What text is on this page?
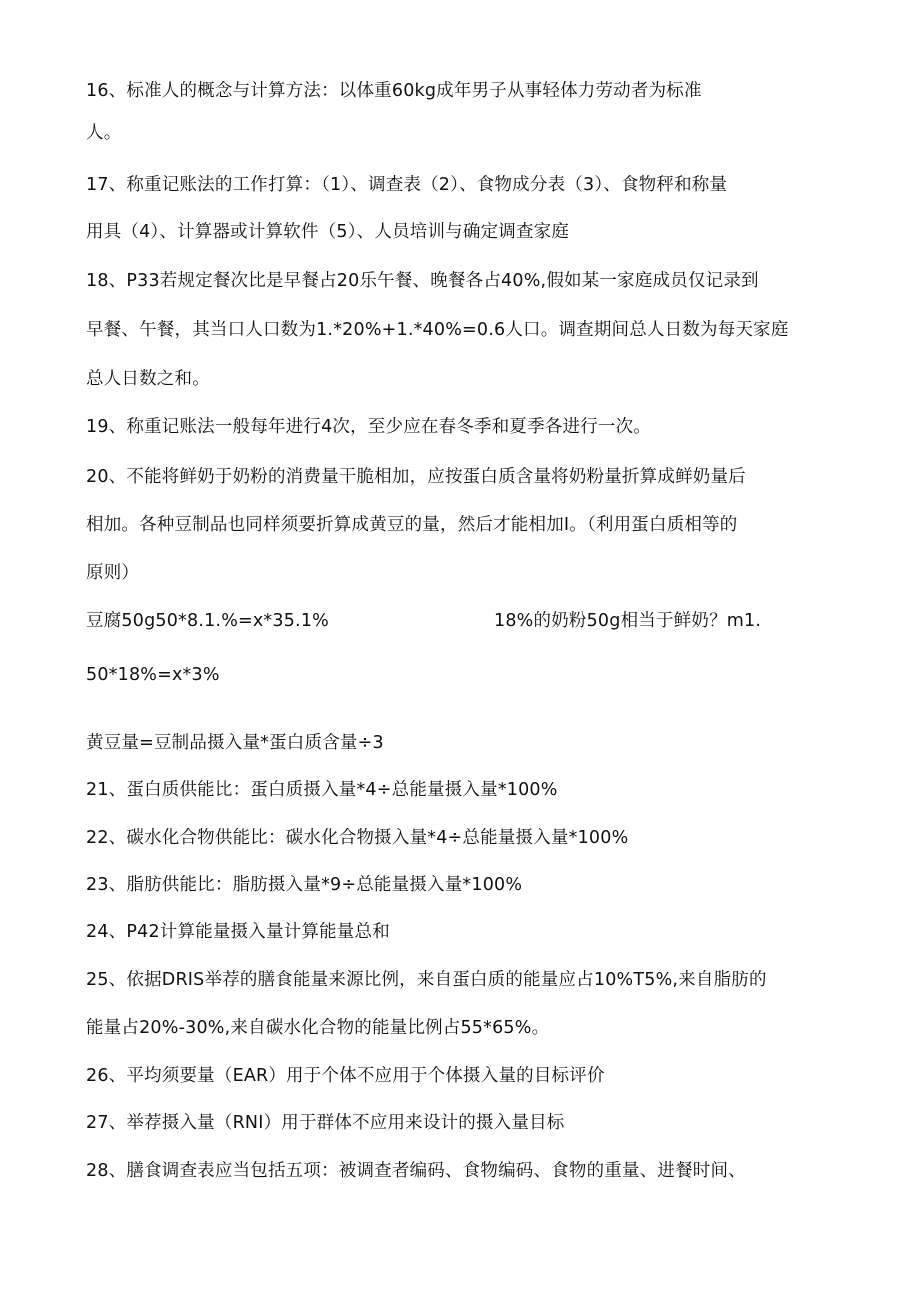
16、标准人的概念与计算方法：以体重60kg成年男子从事轻体力劳动者为标准
人。
17、称重记账法的工作打算：（1）、调查表（2）、食物成分表（3）、食物秤和称量
用具（4）、计算器或计算软件（5）、人员培训与确定调查家庭
18、P33若规定餐次比是早餐占20乐午餐、晚餐各占40%,假如某一家庭成员仅记录到
早餐、午餐，其当口人口数为1.*20%+1.*40%=0.6人口。调查期间总人日数为每天家庭
总人日数之和。
19、称重记账法一般每年进行4次，至少应在春冬季和夏季各进行一次。
20、不能将鲜奶于奶粉的消费量干脆相加，应按蛋白质含量将奶粉量折算成鲜奶量后
相加。各种豆制品也同样须要折算成黄豆的量，然后才能相加I。（利用蛋白质相等的
原则）
豆腐50g50*8.1.%=x*35.1%	18%的奶粉50g相当于鲜奶？m1.
50*18%=x*3%
黄豆量=豆制品摄入量*蛋白质含量÷3
21、蛋白质供能比：蛋白质摄入量*4÷总能量摄入量*100%
22、碳水化合物供能比：碳水化合物摄入量*4÷总能量摄入量*100%
23、脂肪供能比：脂肪摄入量*9÷总能量摄入量*100%
24、P42计算能量摄入量计算能量总和
25、依据DRIS举荐的膳食能量来源比例，来自蛋白质的能量应占10%T5%,来自脂肪的
能量占20%-30%,来自碳水化合物的能量比例占55*65%。
26、平均须要量（EAR）用于个体不应用于个体摄入量的目标评价
27、举荐摄入量（RNI）用于群体不应用来设计的摄入量目标
28、膳食调查表应当包括五项：被调查者编码、食物编码、食物的重量、进餐时间、
